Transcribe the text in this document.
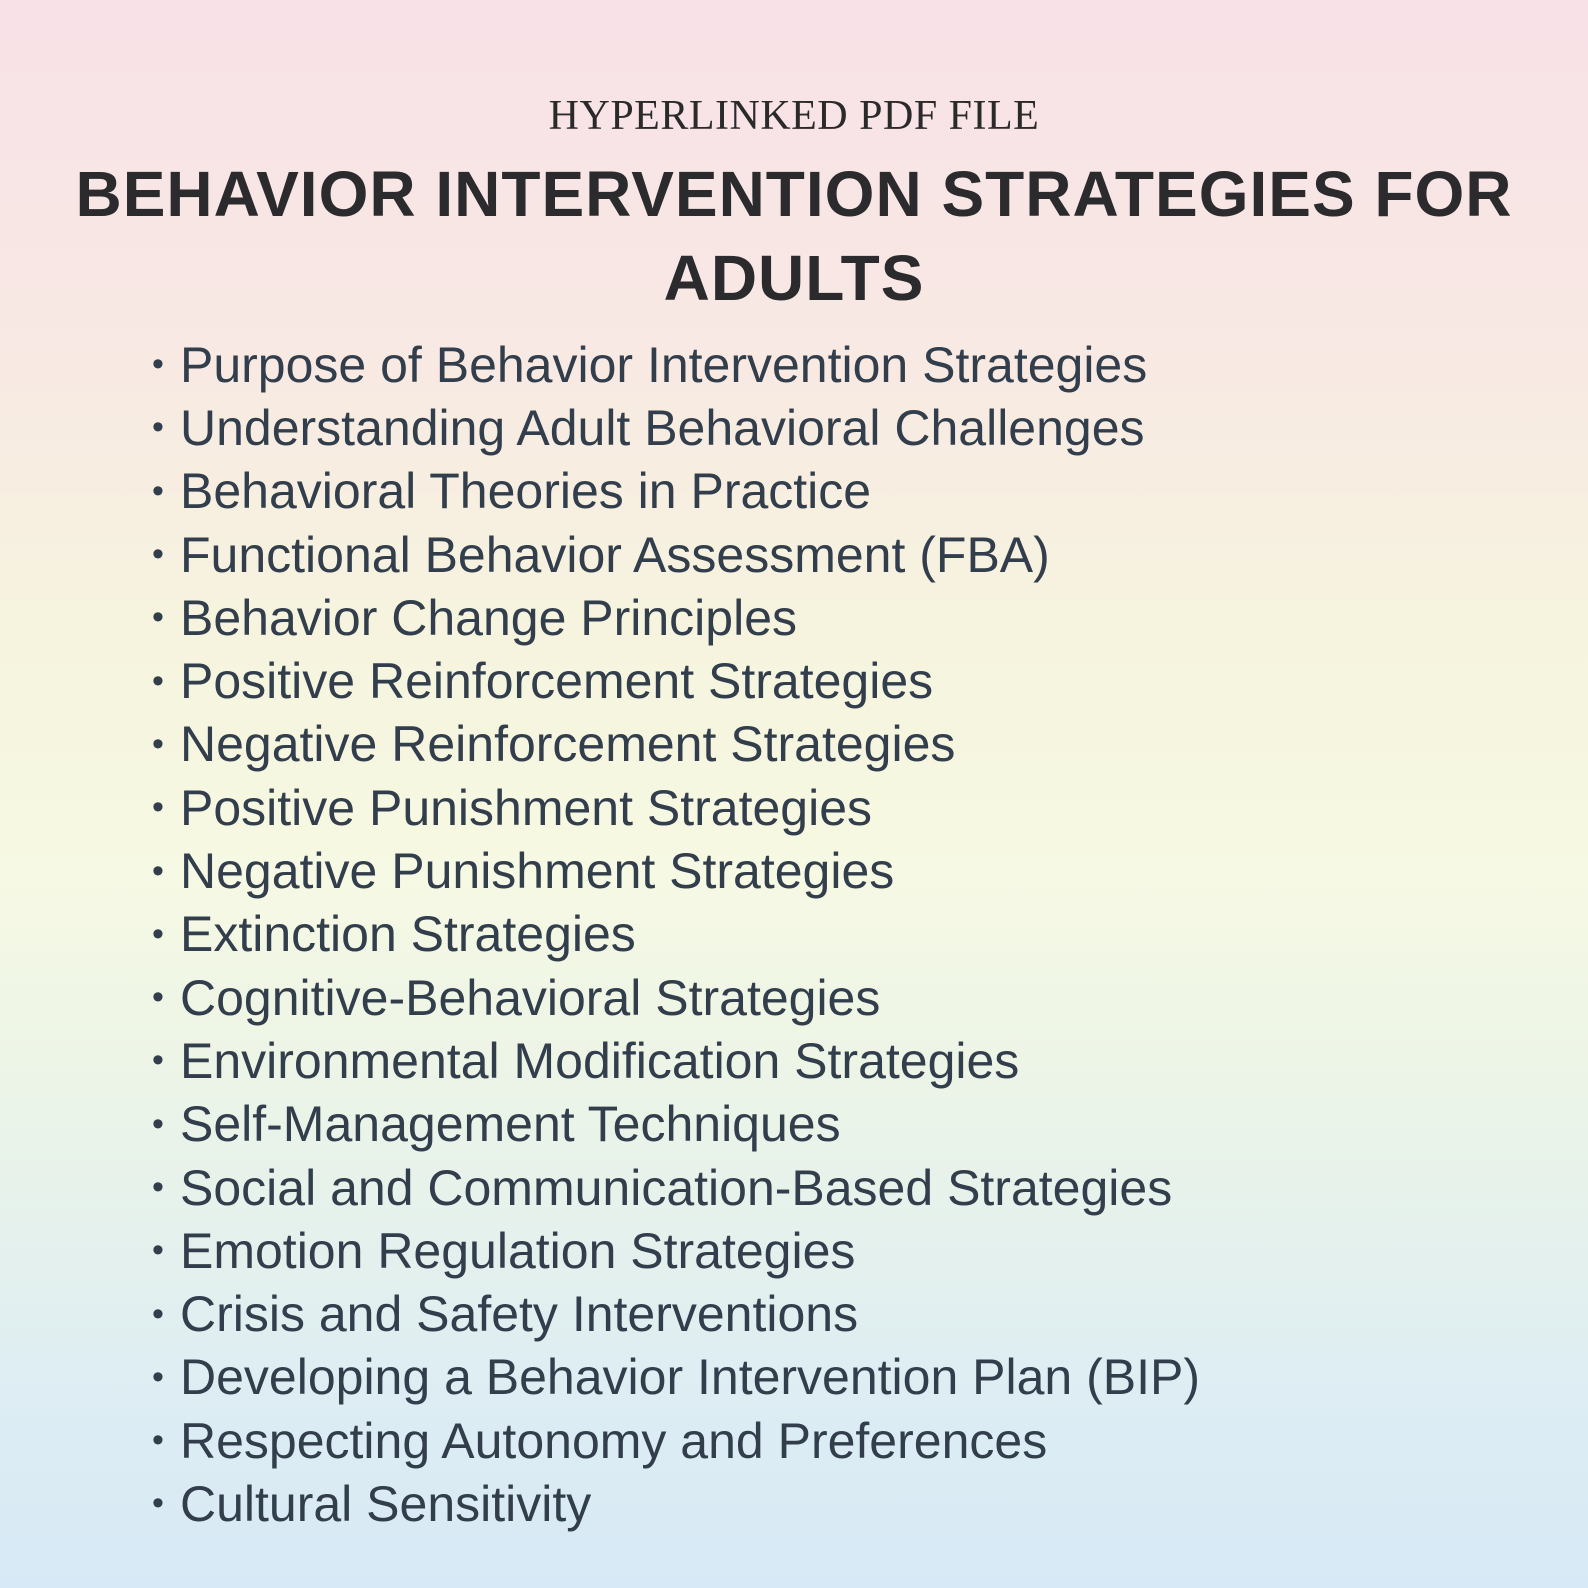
HYPERLINKED PDF FILE
BEHAVIOR INTERVENTION STRATEGIES FOR ADULTS
• Purpose of Behavior Intervention Strategies
• Understanding Adult Behavioral Challenges
• Behavioral Theories in Practice
• Functional Behavior Assessment (FBA)
• Behavior Change Principles
• Positive Reinforcement Strategies
• Negative Reinforcement Strategies
• Positive Punishment Strategies
• Negative Punishment Strategies
• Extinction Strategies
• Cognitive-Behavioral Strategies
• Environmental Modification Strategies
• Self-Management Techniques
• Social and Communication-Based Strategies
• Emotion Regulation Strategies
• Crisis and Safety Interventions
• Developing a Behavior Intervention Plan (BIP)
• Respecting Autonomy and Preferences
• Cultural Sensitivity
